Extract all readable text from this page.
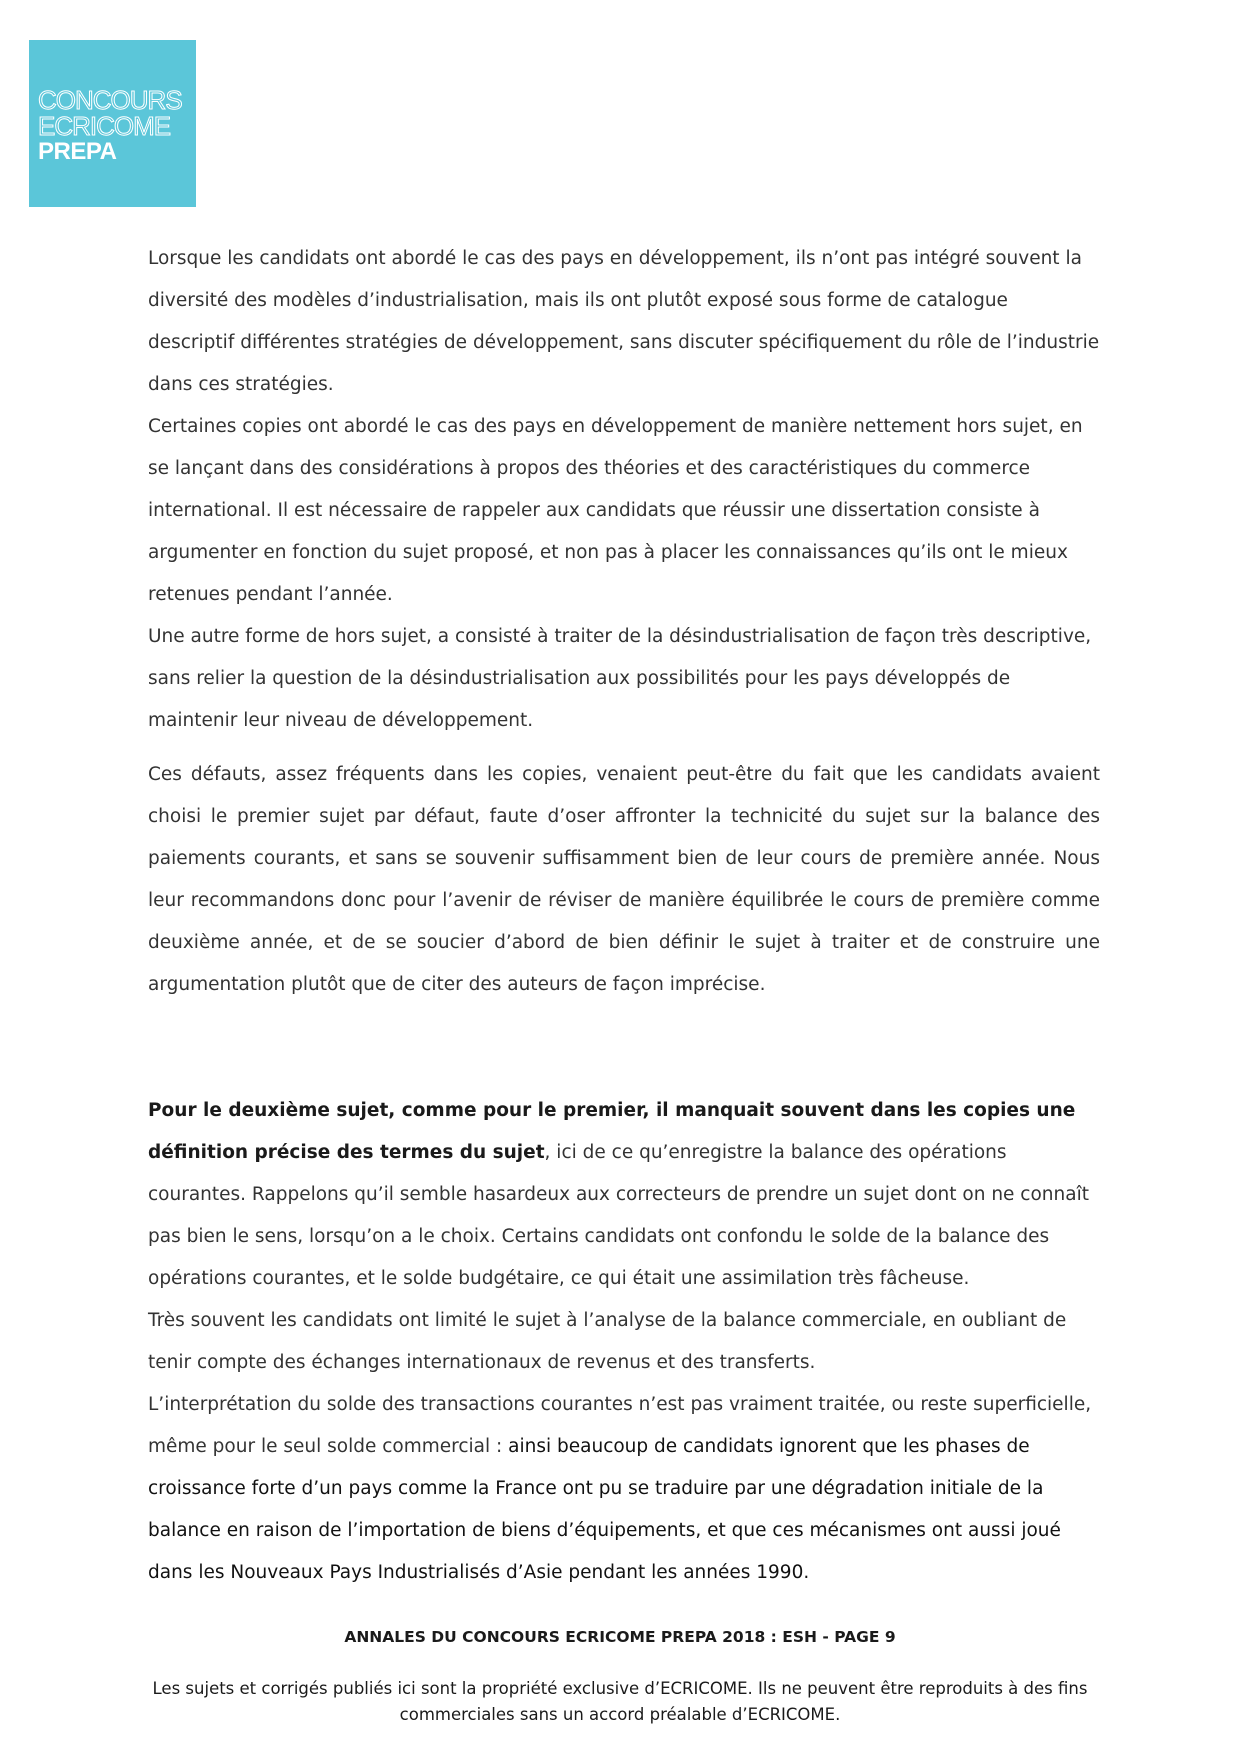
CONCOURS
ECRICOME
PREPA

Lorsque les candidats ont abordé le cas des pays en développement, ils n’ont pas intégré souvent la diversité des modèles d’industrialisation, mais ils ont plutôt exposé sous forme de catalogue descriptif différentes stratégies de développement, sans discuter spécifiquement du rôle de l’industrie dans ces stratégies.

Certaines copies ont abordé le cas des pays en développement de manière nettement hors sujet, en se lançant dans des considérations à propos des théories et des caractéristiques du commerce international. Il est nécessaire de rappeler aux candidats que réussir une dissertation consiste à argumenter en fonction du sujet proposé, et non pas à placer les connaissances qu’ils ont le mieux retenues pendant l’année.

Une autre forme de hors sujet, a consisté à traiter de la désindustrialisation de façon très descriptive, sans relier la question de la désindustrialisation aux possibilités pour les pays développés de maintenir leur niveau de développement.

Ces défauts, assez fréquents dans les copies, venaient peut-être du fait que les candidats avaient choisi le premier sujet par défaut, faute d’oser affronter la technicité du sujet sur la balance des paiements courants, et sans se souvenir suffisamment bien de leur cours de première année. Nous leur recommandons donc pour l’avenir de réviser de manière équilibrée le cours de première comme deuxième année, et de se soucier d’abord de bien définir le sujet à traiter et de construire une argumentation plutôt que de citer des auteurs de façon imprécise.

Pour le deuxième sujet, comme pour le premier, il manquait souvent dans les copies une définition précise des termes du sujet, ici de ce qu’enregistre la balance des opérations courantes. Rappelons qu’il semble hasardeux aux correcteurs de prendre un sujet dont on ne connaît pas bien le sens, lorsqu’on a le choix. Certains candidats ont confondu le solde de la balance des opérations courantes, et le solde budgétaire, ce qui était une assimilation très fâcheuse.

Très souvent les candidats ont limité le sujet à l’analyse de la balance commerciale, en oubliant de tenir compte des échanges internationaux de revenus et des transferts.

L’interprétation du solde des transactions courantes n’est pas vraiment traitée, ou reste superficielle, même pour le seul solde commercial : ainsi beaucoup de candidats ignorent que les phases de croissance forte d’un pays comme la France ont pu se traduire par une dégradation initiale de la balance en raison de l’importation de biens d’équipements, et que ces mécanismes ont aussi joué dans les Nouveaux Pays Industrialisés d’Asie pendant les années 1990.

ANNALES DU CONCOURS ECRICOME PREPA 2018 : ESH - PAGE 9
Les sujets et corrigés publiés ici sont la propriété exclusive d’ECRICOME. Ils ne peuvent être reproduits à des fins commerciales sans un accord préalable d’ECRICOME.
